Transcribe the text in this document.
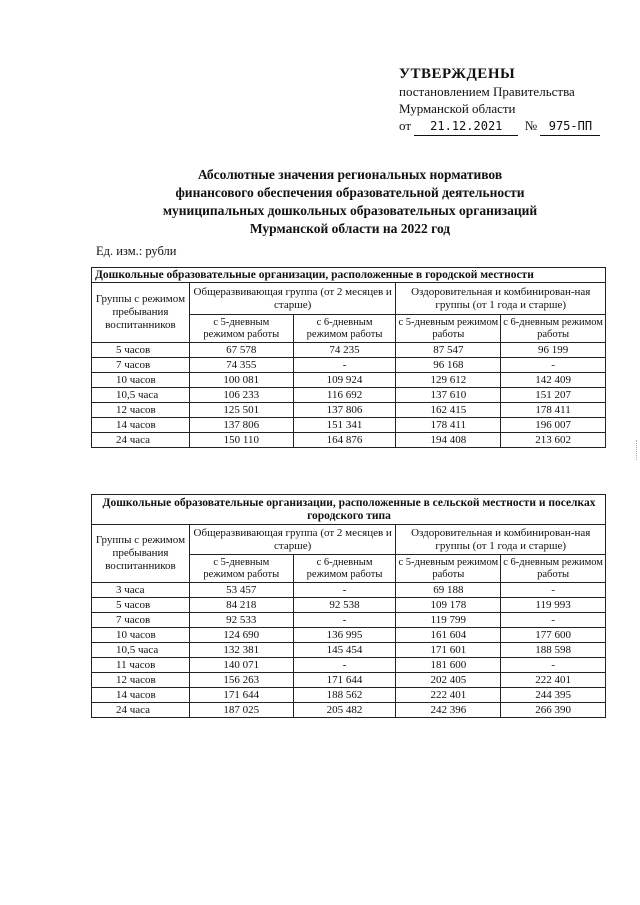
УТВЕРЖДЕНЫ
постановлением Правительства
Мурманской области
от 21.12.2021 № 975-ПП
Абсолютные значения региональных нормативов
финансового обеспечения образовательной деятельности
муниципальных дошкольных образовательных организаций
Мурманской области на 2022 год
Ед. изм.: рубли
Дошкольные образовательные организации, расположенные в городской местности				
Группы с режимом пребывания воспитанников	Общеразвивающая группа (от 2 месяцев и старше)		Оздоровительная и комбинирован-ная группы (от 1 года и старше)	
	с 5-дневным режимом работы	с 6-дневным режимом работы	с 5-дневным режимом работы	с 6-дневным режимом работы
5 часов	67 578	74 235	87 547	96 199
7 часов	74 355	-	96 168	-
10 часов	100 081	109 924	129 612	142 409
10,5 часа	106 233	116 692	137 610	151 207
12 часов	125 501	137 806	162 415	178 411
14 часов	137 806	151 341	178 411	196 007
24 часа	150 110	164 876	194 408	213 602
Дошкольные образовательные организации, расположенные в сельской местности и поселках городского типа				
Группы с режимом пребывания воспитанников	Общеразвивающая группа (от 2 месяцев и старше)		Оздоровительная и комбинирован-ная группы (от 1 года и старше)	
	с 5-дневным режимом работы	с 6-дневным режимом работы	с 5-дневным режимом работы	с 6-дневным режимом работы
3 часа	53 457	-	69 188	-
5 часов	84 218	92 538	109 178	119 993
7 часов	92 533	-	119 799	-
10 часов	124 690	136 995	161 604	177 600
10,5 часа	132 381	145 454	171 601	188 598
11 часов	140 071	-	181 600	-
12 часов	156 263	171 644	202 405	222 401
14 часов	171 644	188 562	222 401	244 395
24 часа	187 025	205 482	242 396	266 390
